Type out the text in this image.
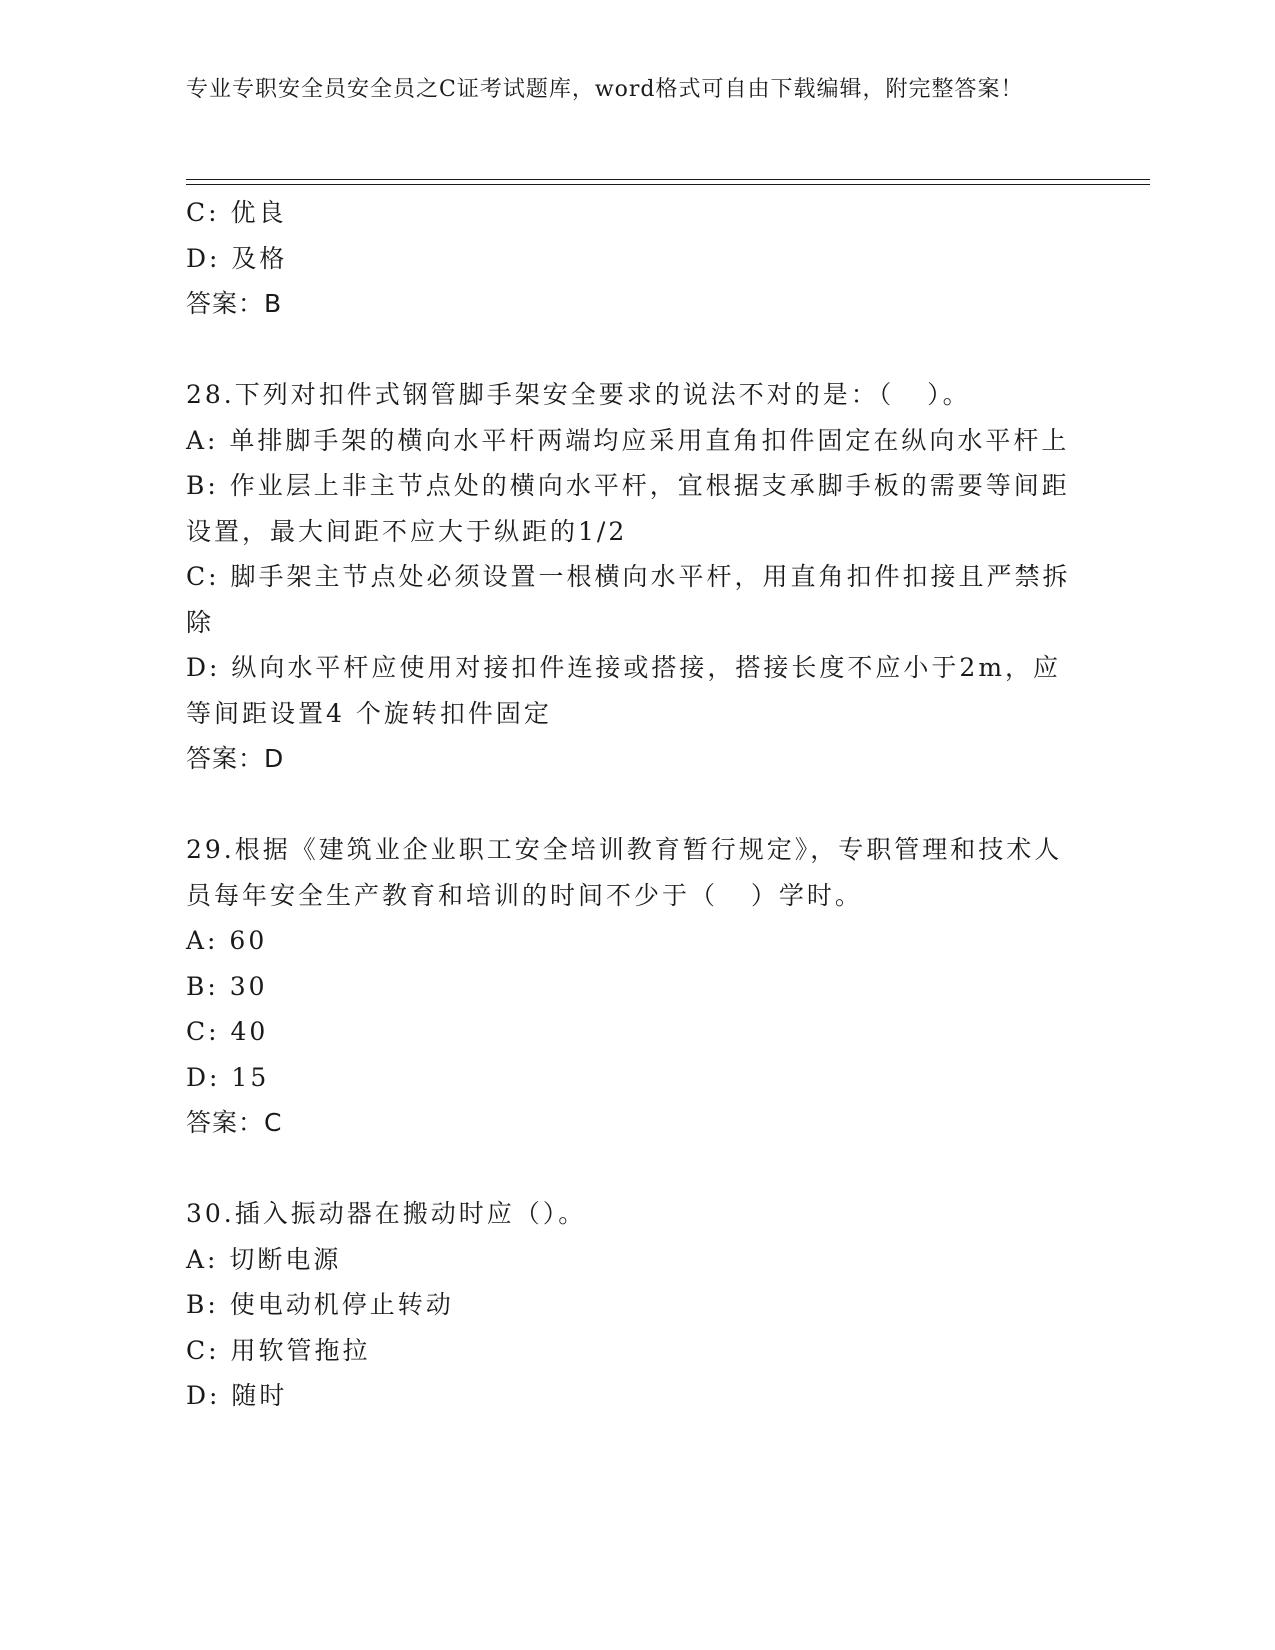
专业专职安全员安全员之C证考试题库，word格式可自由下载编辑，附完整答案！
C: 优良
D: 及格
答案：B
28.下列对扣件式钢管脚手架安全要求的说法不对的是：（   ）。
A: 单排脚手架的横向水平杆两端均应采用直角扣件固定在纵向水平杆上
B: 作业层上非主节点处的横向水平杆，宜根据支承脚手板的需要等间距设置，最大间距不应大于纵距的1/2
C: 脚手架主节点处必须设置一根横向水平杆，用直角扣件扣接且严禁拆除
D: 纵向水平杆应使用对接扣件连接或搭接，搭接长度不应小于2m，应等间距设置4 个旋转扣件固定
答案：D
29.根据《建筑业企业职工安全培训教育暂行规定》，专职管理和技术人员每年安全生产教育和培训的时间不少于（   ）学时。
A: 60
B: 30
C: 40
D: 15
答案：C
30.插入振动器在搬动时应（）。
A: 切断电源
B: 使电动机停止转动
C: 用软管拖拉
D: 随时
